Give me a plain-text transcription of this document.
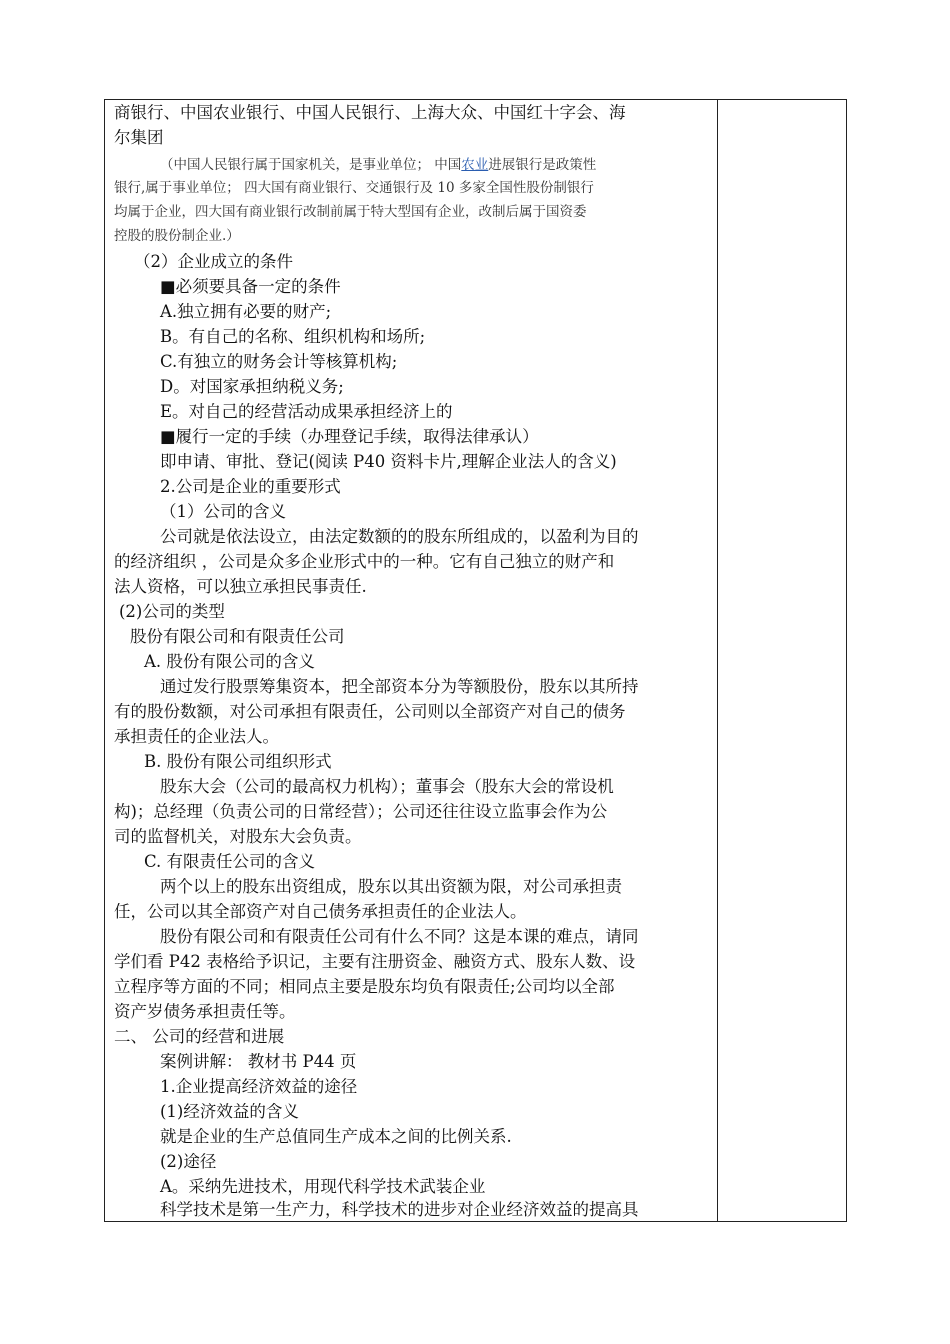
商银行、中国农业银行、中国人民银行、上海大众、中国红十字会、海
尔集团
（中国人民银行属于国家机关，是事业单位； 中国农业进展银行是政策性
银行,属于事业单位； 四大国有商业银行、交通银行及 10 多家全国性股份制银行
均属于企业，四大国有商业银行改制前属于特大型国有企业，改制后属于国资委
控股的股份制企业.）
（2）企业成立的条件
■必须要具备一定的条件
A.独立拥有必要的财产;
B。有自己的名称、组织机构和场所;
C.有独立的财务会计等核算机构;
D。对国家承担纳税义务;
E。对自己的经营活动成果承担经济上的
■履行一定的手续（办理登记手续，取得法律承认）
即申请、审批、登记(阅读 P40 资料卡片,理解企业法人的含义)
2.公司是企业的重要形式
（1）公司的含义
公司就是依法设立，由法定数额的的股东所组成的，以盈利为目的
的经济组织 ，公司是众多企业形式中的一种。它有自己独立的财产和
法人资格，可以独立承担民事责任.
(2)公司的类型
股份有限公司和有限责任公司
A. 股份有限公司的含义
通过发行股票筹集资本，把全部资本分为等额股份，股东以其所持
有的股份数额，对公司承担有限责任，公司则以全部资产对自己的债务
承担责任的企业法人。
B. 股份有限公司组织形式
股东大会（公司的最高权力机构）；董事会（股东大会的常设机
构)；总经理（负责公司的日常经营）；公司还往往设立监事会作为公
司的监督机关，对股东大会负责。
C. 有限责任公司的含义
两个以上的股东出资组成，股东以其出资额为限，对公司承担责
任，公司以其全部资产对自己债务承担责任的企业法人。
股份有限公司和有限责任公司有什么不同？这是本课的难点，请同
学们看 P42 表格给予识记，主要有注册资金、融资方式、股东人数、设
立程序等方面的不同；相同点主要是股东均负有限责任;公司均以全部
资产岁债务承担责任等。
二、 公司的经营和进展
案例讲解： 教材书 P44 页
1.企业提高经济效益的途径
(1)经济效益的含义
就是企业的生产总值同生产成本之间的比例关系.
(2)途径
A。采纳先进技术，用现代科学技术武装企业
科学技术是第一生产力，科学技术的进步对企业经济效益的提高具
